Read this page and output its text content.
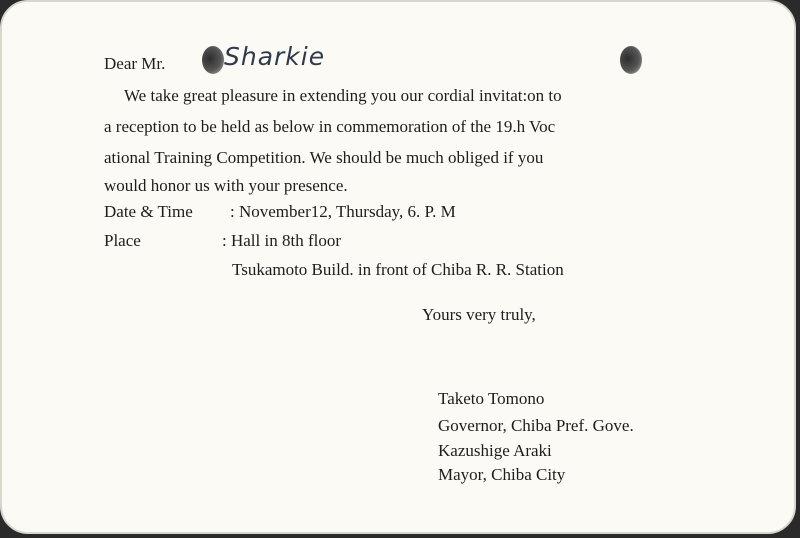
Dear Mr. Sharkie
We take great pleasure in extending you our cordial invitat:on to
a reception to be held as below in commemoration of the 19.h Voc
ational Training Competition. We should be much obliged if you
would honor us with your presence.
Date & Time : November12, Thursday, 6. P. M
Place	: Hall in 8th floor
Tsukamoto Build. in front of Chiba R. R. Station
Yours very truly,
Taketo Tomono
Governor, Chiba Pref. Gove.
Kazushige Araki
Mayor, Chiba City
